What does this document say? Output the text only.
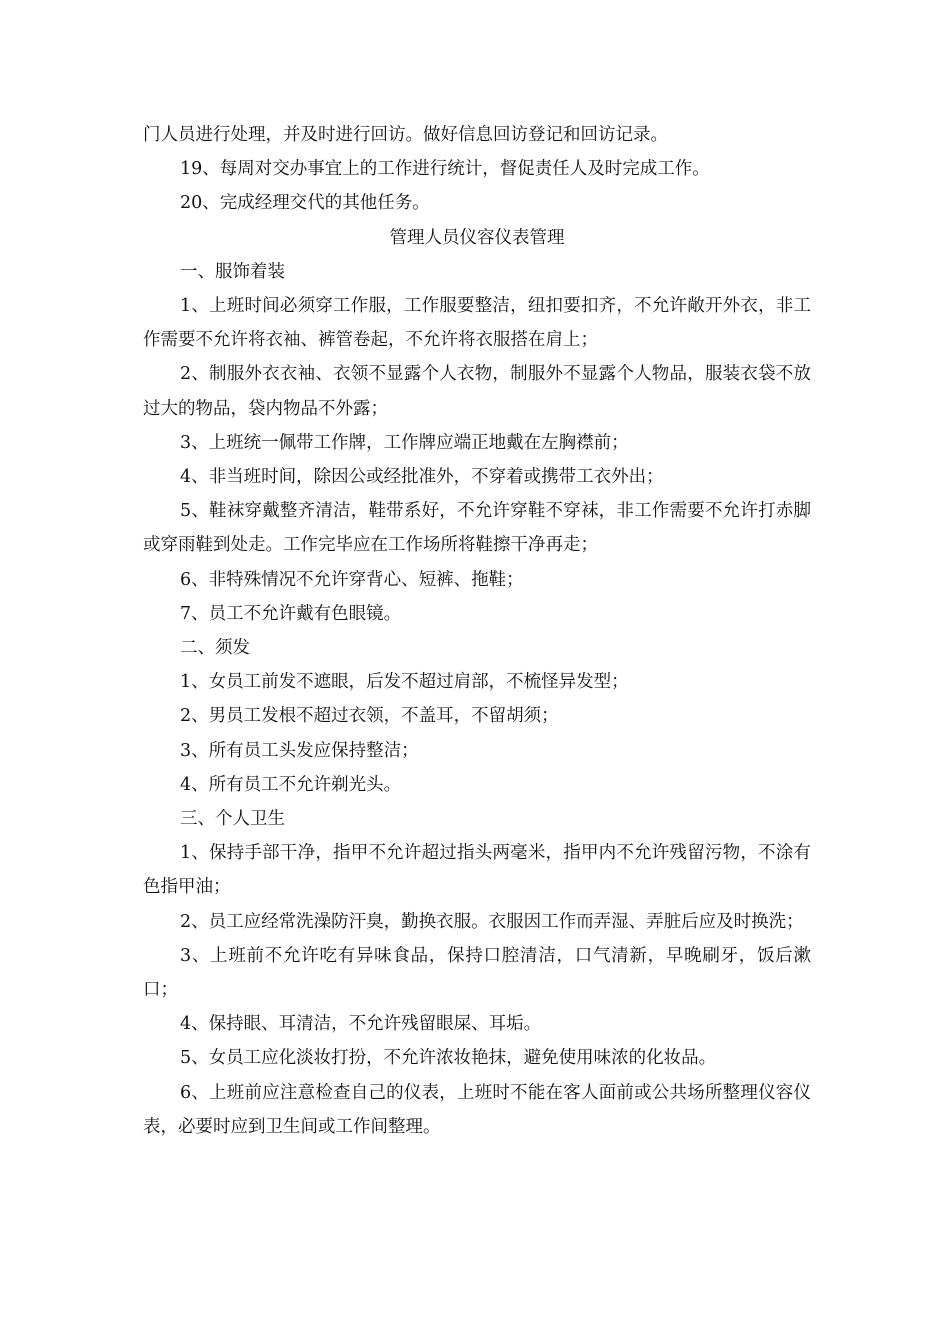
门人员进行处理，并及时进行回访。做好信息回访登记和回访记录。

19、每周对交办事宜上的工作进行统计，督促责任人及时完成工作。

20、完成经理交代的其他任务。

管理人员仪容仪表管理

一、服饰着装

1、上班时间必须穿工作服，工作服要整洁，纽扣要扣齐，不允许敞开外衣，非工作需要不允许将衣袖、裤管卷起，不允许将衣服搭在肩上；

2、制服外衣衣袖、衣领不显露个人衣物，制服外不显露个人物品，服装衣袋不放过大的物品，袋内物品不外露；

3、上班统一佩带工作牌，工作牌应端正地戴在左胸襟前；

4、非当班时间，除因公或经批准外，不穿着或携带工衣外出；

5、鞋袜穿戴整齐清洁，鞋带系好，不允许穿鞋不穿袜，非工作需要不允许打赤脚或穿雨鞋到处走。工作完毕应在工作场所将鞋擦干净再走；

6、非特殊情况不允许穿背心、短裤、拖鞋；

7、员工不允许戴有色眼镜。

二、须发

1、女员工前发不遮眼，后发不超过肩部，不梳怪异发型；

2、男员工发根不超过衣领，不盖耳，不留胡须；

3、所有员工头发应保持整洁；

4、所有员工不允许剃光头。

三、个人卫生

1、保持手部干净，指甲不允许超过指头两毫米，指甲内不允许残留污物，不涂有色指甲油；

2、员工应经常洗澡防汗臭，勤换衣服。衣服因工作而弄湿、弄脏后应及时换洗；

3、上班前不允许吃有异味食品，保持口腔清洁，口气清新，早晚刷牙，饭后漱口；

4、保持眼、耳清洁，不允许残留眼屎、耳垢。

5、女员工应化淡妆打扮，不允许浓妆艳抹，避免使用味浓的化妆品。

6、上班前应注意检查自己的仪表，上班时不能在客人面前或公共场所整理仪容仪表，必要时应到卫生间或工作间整理。
